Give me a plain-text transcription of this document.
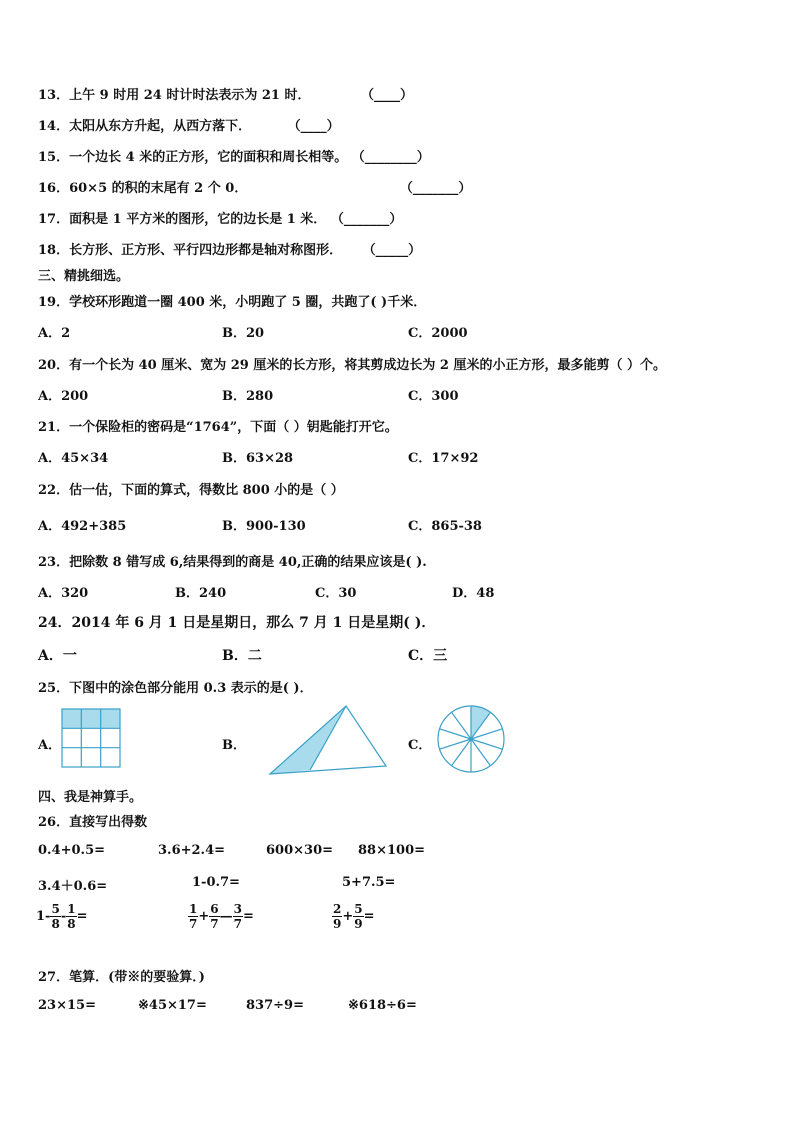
13．上午 9 时用 24 时计时法表示为 21 时．	（____）
14．太阳从东方升起，从西方落下．	（____）
15．一个边长 4 米的正方形，它的面积和周长相等。 （________）
16．60×5 的积的末尾有 2 个 0．	（_______）
17．面积是 1 平方米的图形，它的边长是 1 米． （_______）
18．长方形、正方形、平行四边形都是轴对称图形． （_____）
三、精挑细选。
19．学校环形跑道一圈 400 米，小明跑了 5 圈，共跑了( )千米．
A．2	B．20	C．2000
20．有一个长为 40 厘米、宽为 29 厘米的长方形，将其剪成边长为 2 厘米的小正方形，最多能剪（ ）个。
A．200	B．280	C．300
21．一个保险柜的密码是“1764”，下面（ ）钥匙能打开它。
A．45×34	B．63×28	C．17×92
22．估一估，下面的算式，得数比 800 小的是（ ）
A．492+385	B．900-130	C．865-38
23．把除数 8 错写成 6,结果得到的商是 40,正确的结果应该是( ).
A．320	B．240	C．30	D．48
24．2014 年 6 月 1 日是星期日，那么 7 月 1 日是星期( )．
A．一	B．二	C．三
25．下图中的涂色部分能用 0.3 表示的是( )．
A．	B．	C．
四、我是神算手。
26．直接写出得数
0.4+0.5=	3.6+2.4=	600×30= 88×100=
3.4＋0.6=	1-0.7=	5+7.5=
$1- \frac{5}{8} - \frac{1}{8}$ =	$\frac{1}{7} + \frac{6}{7}$ — $\frac{3}{7}$ =	$\frac{2}{9} + \frac{5}{9}$ =
27．笔算．(带※的要验算．)
23×15=	※45×17=	837÷9=	※618÷6=
